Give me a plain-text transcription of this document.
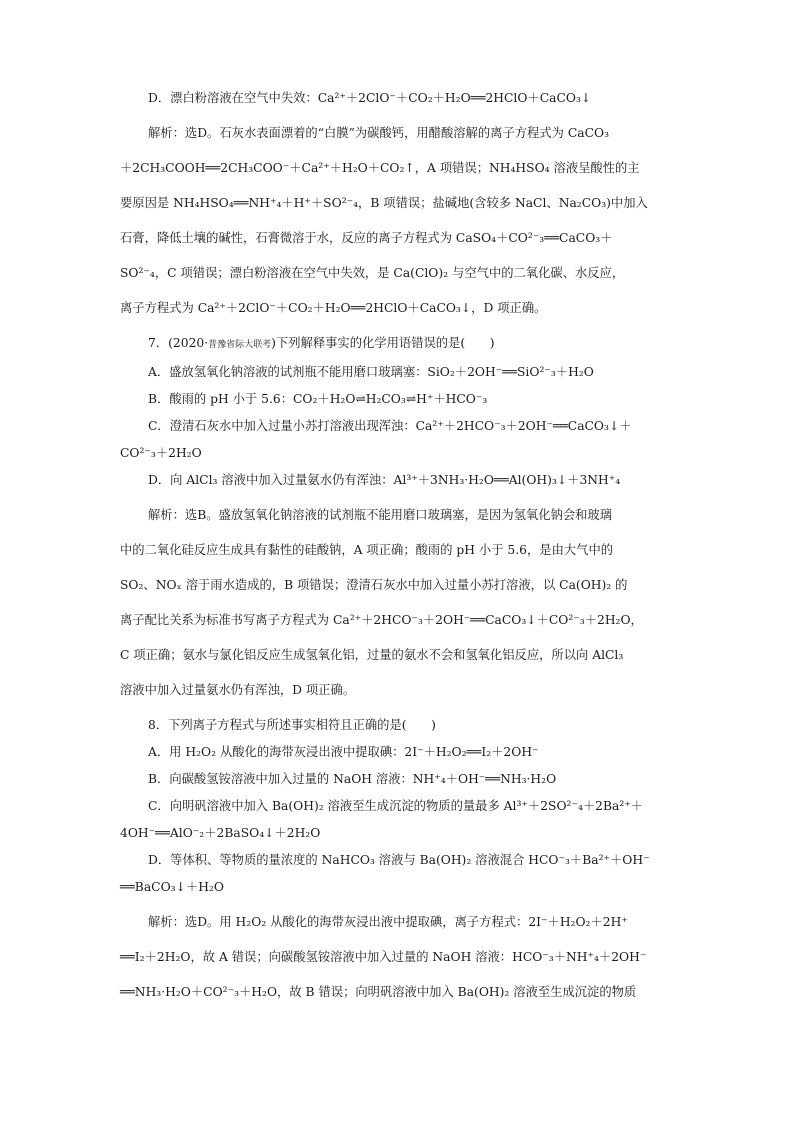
D．漂白粉溶液在空气中失效：Ca²⁺＋2ClO⁻＋CO₂＋H₂O══2HClO＋CaCO₃↓
解析：选D。石灰水表面漂着的“白膜”为碳酸钙，用醋酸溶解的离子方程式为 CaCO₃
＋2CH₃COOH══2CH₃COO⁻＋Ca²⁺＋H₂O＋CO₂↑，A 项错误；NH₄HSO₄ 溶液呈酸性的主
要原因是 NH₄HSO₄══NH⁺₄＋H⁺＋SO²⁻₄，B 项错误；盐碱地(含较多 NaCl、Na₂CO₃)中加入
石膏，降低土壤的碱性，石膏微溶于水，反应的离子方程式为 CaSO₄＋CO²⁻₃══CaCO₃＋
SO²⁻₄，C 项错误；漂白粉溶液在空气中失效，是 Ca(ClO)₂ 与空气中的二氧化碳、水反应，
离子方程式为 Ca²⁺＋2ClO⁻＋CO₂＋H₂O══2HClO＋CaCO₃↓，D 项正确。
7．(2020·普豫省际大联考)下列解释事实的化学用语错误的是(　　)
A．盛放氢氧化钠溶液的试剂瓶不能用磨口玻璃塞：SiO₂＋2OH⁻══SiO²⁻₃＋H₂O
B．酸雨的 pH 小于 5.6：CO₂＋H₂O⇌H₂CO₃⇌H⁺＋HCO⁻₃
C．澄清石灰水中加入过量小苏打溶液出现浑浊：Ca²⁺＋2HCO⁻₃＋2OH⁻══CaCO₃↓＋
CO²⁻₃＋2H₂O
D．向 AlCl₃ 溶液中加入过量氨水仍有浑浊：Al³⁺＋3NH₃·H₂O══Al(OH)₃↓＋3NH⁺₄
解析：选B。盛放氢氧化钠溶液的试剂瓶不能用磨口玻璃塞，是因为氢氧化钠会和玻璃
中的二氧化硅反应生成具有黏性的硅酸钠，A 项正确；酸雨的 pH 小于 5.6，是由大气中的
SO₂、NOₓ 溶于雨水造成的，B 项错误；澄清石灰水中加入过量小苏打溶液，以 Ca(OH)₂ 的
离子配比关系为标准书写离子方程式为 Ca²⁺＋2HCO⁻₃＋2OH⁻══CaCO₃↓＋CO²⁻₃＋2H₂O，
C 项正确；氨水与氯化铝反应生成氢氧化铝，过量的氨水不会和氢氧化铝反应，所以向 AlCl₃
溶液中加入过量氨水仍有浑浊，D 项正确。
8．下列离子方程式与所述事实相符且正确的是(　　)
A．用 H₂O₂ 从酸化的海带灰浸出液中提取碘：2I⁻＋H₂O₂══I₂＋2OH⁻
B．向碳酸氢铵溶液中加入过量的 NaOH 溶液：NH⁺₄＋OH⁻══NH₃·H₂O
C．向明矾溶液中加入 Ba(OH)₂ 溶液至生成沉淀的物质的量最多 Al³⁺＋2SO²⁻₄＋2Ba²⁺＋
4OH⁻══AlO⁻₂＋2BaSO₄↓＋2H₂O
D．等体积、等物质的量浓度的 NaHCO₃ 溶液与 Ba(OH)₂ 溶液混合 HCO⁻₃＋Ba²⁺＋OH⁻
══BaCO₃↓＋H₂O
解析：选D。用 H₂O₂ 从酸化的海带灰浸出液中提取碘，离子方程式：2I⁻＋H₂O₂＋2H⁺
══I₂＋2H₂O，故 A 错误；向碳酸氢铵溶液中加入过量的 NaOH 溶液：HCO⁻₃＋NH⁺₄＋2OH⁻
══NH₃·H₂O＋CO²⁻₃＋H₂O，故 B 错误；向明矾溶液中加入 Ba(OH)₂ 溶液至生成沉淀的物质
